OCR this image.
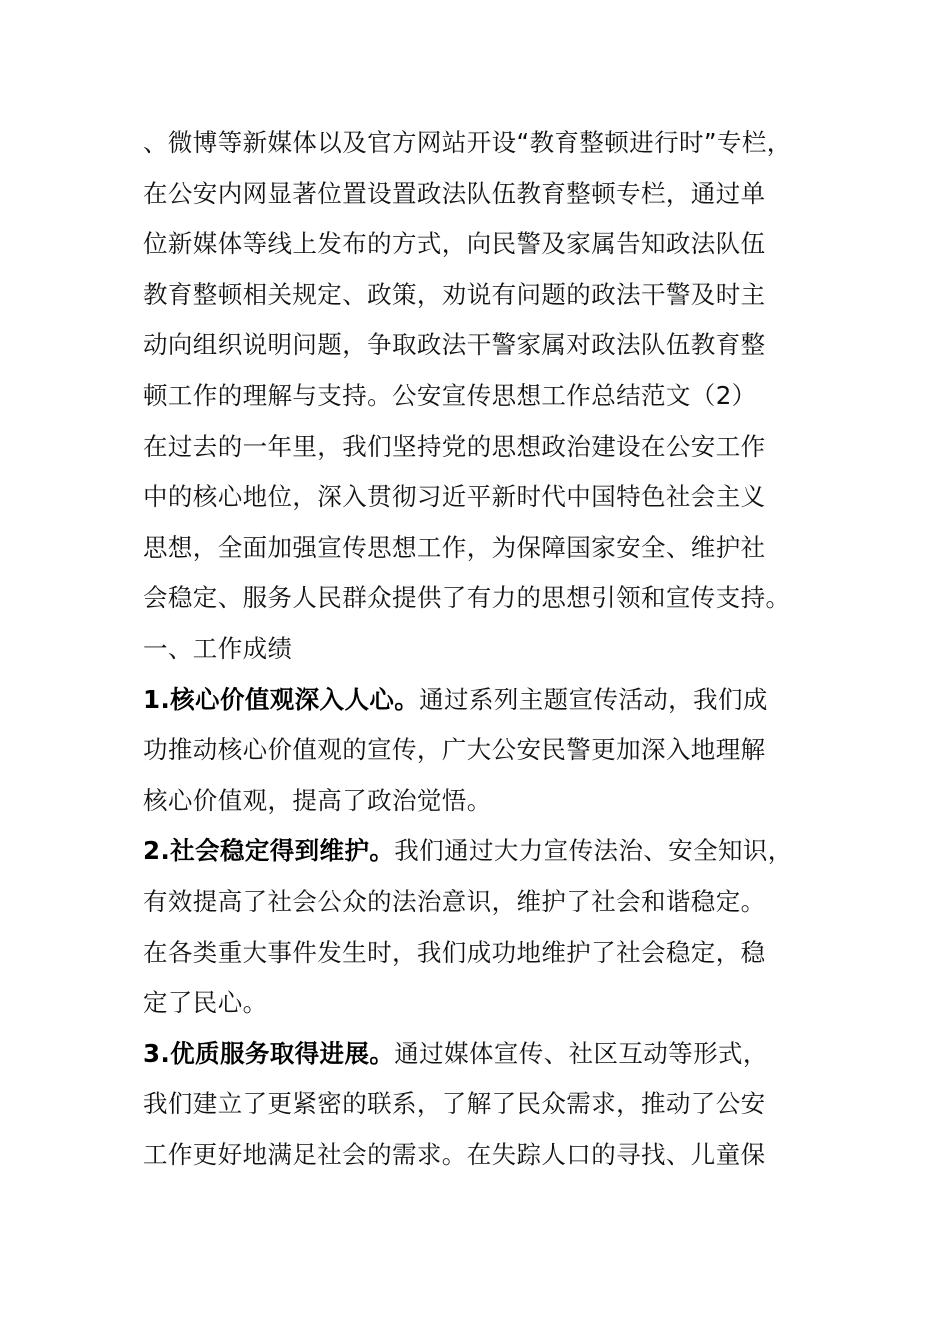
、微博等新媒体以及官方网站开设“教育整顿进行时”专栏，
在公安内网显著位置设置政法队伍教育整顿专栏，通过单
位新媒体等线上发布的方式，向民警及家属告知政法队伍
教育整顿相关规定、政策，劝说有问题的政法干警及时主
动向组织说明问题，争取政法干警家属对政法队伍教育整
顿工作的理解与支持。公安宣传思想工作总结范文（2）
在过去的一年里，我们坚持党的思想政治建设在公安工作
中的核心地位，深入贯彻习近平新时代中国特色社会主义
思想，全面加强宣传思想工作，为保障国家安全、维护社
会稳定、服务人民群众提供了有力的思想引领和宣传支持。
一、工作成绩
1.核心价值观深入人心。通过系列主题宣传活动，我们成
功推动核心价值观的宣传，广大公安民警更加深入地理解
核心价值观，提高了政治觉悟。
2.社会稳定得到维护。我们通过大力宣传法治、安全知识，
有效提高了社会公众的法治意识，维护了社会和谐稳定。
在各类重大事件发生时，我们成功地维护了社会稳定，稳
定了民心。
3.优质服务取得进展。通过媒体宣传、社区互动等形式，
我们建立了更紧密的联系，了解了民众需求，推动了公安
工作更好地满足社会的需求。在失踪人口的寻找、儿童保
